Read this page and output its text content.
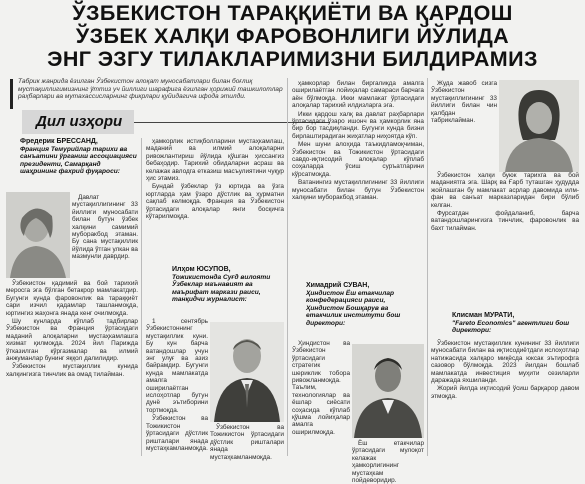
ЎЗБЕКИСТОН ТАРАҚҚИЁТИ ВА ҚАРДОШ
ЎЗБЕК ХАЛҚИ ФАРОВОНЛИГИ ЙЎЛИДА
ЭНГ ЭЗГУ ТИЛАКЛАРИМИЗНИ БИЛДИРАМИЗ
Табрик жанрида ёзилган Ўзбекистон алоқат муносабатлари билан боғлиқ мустақиллигимизнинг ўттиз уч йиллиги шарафига ёзилган ҳорижий ташкилотлар раҳбарлари ва мутахассисларнинг фикрлари қуйидагича ифода этилди.
Дил изҳори
Фредерик БРЕССАНД,
Франция Темурийлар тарихи ва санъатини ўрганиш ассоциацияси президенти, Самарқанд шаҳрининг фахрий фуқароси:

Давлат мустақиллигининг 33 йиллиги муносабати билан бутун ўзбек халқини самимий муборакбод этаман. Бу сана мустақиллик йўлида ўтган улкан ва мазмунли даврдир.

Ўзбекистон қадимий ва бой тарихий меросга эга бўлган бетакрор мамлакатдир. Бугунги кунда фаровонлик ва тараққиёт сари изчил қадамлар ташланмоқда, юртингиз жаҳонга янада кенг очилмоқда.

Шу кунларда кўплаб тадбирлар Ўзбекистон ва Франция ўртасидаги маданий алоқаларни мустаҳкамлашга хизмат қилмоқда. 2024 йил Парижда ўтказилган кўргазмалар ва илмий анжуманлар бунинг яққол далилидир.

Ўзбекистон мустақиллик кунида халқингизга тинчлик ва омад тилайман.

ҳамкорлик истиқболларини мустаҳкамлаш, маданий ва илмий алоқаларни ривожлантириш йўлида қўшган ҳиссангиз бебаҳодир. Тарихий обидаларни асраш ва келажак авлодга етказиш масъулиятини чуқур ҳис этамиз.

Бундай ўзбеклар ўз юртида ва ўзга юртларда ҳам ўзаро дўстлик ва ҳурматни сақлаб келмоқда. Франция ва Ўзбекистон ўртасидаги алоқалар янги босқичга кўтарилмоқда.

Илҳом ЮСУПОВ,
Тожикистонда Суғд вилояти Ўзбеклар маънавият ва маърифат маркази раиси, танқидчи журналист:

1 сентябрь Ўзбекистоннинг мустақиллик куни. Бу кун барча ватандошлар учун энг улуғ ва азиз байрамдир. Бугунги кунда мамлакатда амалга оширилаётган ислоҳотлар бутун дунё эътиборини тортмоқда.

Ўзбекистон ва Тожикистон ўртасидаги дўстлик ришталари янада мустаҳкамланмоқда.

Ўзбекистон ва Тожикистон ўртасидаги дўстлик ришталари янада мустаҳкамланмоқда.

ҳамкорлар билан биргаликда амалга оширилаётган лойиҳалар самараси барчага аён бўлмоқда. Икки мамлакат ўртасидаги алоқалар тарихий илдизларга эга.

Икки қардош халқ ва давлат раҳбарлари ўртасидаги ўзаро ишонч ва ҳамкорлик яна бир бор тасдиқланди. Бугунги кунда бизни бирлаштирадиган жиҳатлар ниҳоятда кўп.

Мен шуни алоҳида таъкидламоқчиман, Ўзбекистон ва Тожикистон ўртасидаги савдо-иқтисодий алоқалар кўплаб соҳаларда ўсиш суръатларини кўрсатмоқда.

Ватанингиз мустақиллигининг 33 йиллиги муносабати билан бутун Ўзбекистон халқини муборакбод этаман.

Химадрий СУВАН,
Ҳиндистон Ёш етакчилар конфедерацияси раиси, Ҳиндистон Бошқарув ва етакчилик институти бош директори:

Ҳиндистон ва Ўзбекистон ўртасидаги стратегик шериклик тобора ривожланмоқда. Таълим, технологиялар ва ёшлар сиёсати соҳасида кўплаб қўшма лойиҳалар амалга оширилмоқда.

Ёш етакчилар ўртасидаги мулоқот келажак ҳамкорлигининг мустаҳкам пойдеворидир.

Жуда жавоб сизга Ўзбекистон мустақиллигининг 33 йиллиги билан чин қалбдан табриклайман.

Ўзбекистон халқи буюк тарихга ва бой маданиятга эга. Шарқ ва Ғарб туташган ҳудудда жойлашган бу мамлакат асрлар давомида илм-фан ва санъат марказларидан бири бўлиб келган.

Фурсатдан фойдаланиб, барча ватандошларингизга тинчлик, фаровонлик ва бахт тилайман.

Клисман МУРАТИ,
"Fareto Economics" агентлиги бош директори:

Ўзбекистон мустақиллик кунининг 33 йиллиги муносабати билан ва иқтисодиётдаги ислоҳотлар натижасида халқаро миқёсда юксак эътирофга сазовор бўлмоқда. 2023 йилдан бошлаб мамлакатда инвестиция муҳити сезиларли даражада яхшиланди.

Жорий йилда иқтисодий ўсиш барқарор давом этмоқда.
